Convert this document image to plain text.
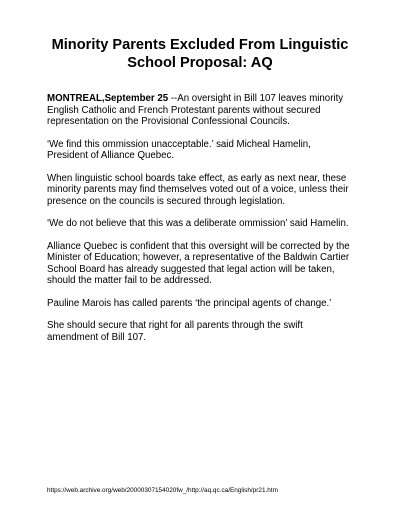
Minority Parents Excluded From Linguistic School Proposal: AQ

MONTREAL,September 25 --An oversight in Bill 107 leaves minority English Catholic and French Protestant parents without secured representation on the Provisional Confessional Councils.

‘We find this ommission unacceptable.’ said Micheal Hamelin, President of Alliance Quebec.

When linguistic school boards take effect, as early as next near, these minority parents may find themselves voted out of a voice, unless their presence on the councils is secured through legislation.

‘We do not believe that this was a deliberate ommission’ said Hamelin.

Alliance Quebec is confident that this oversight will be corrected by the Minister of Education; however, a representative of the Baldwin Cartier School Board has already suggested that legal action will be taken, should the matter fail to be addressed.

Pauline Marois has called parents ‘the principal agents of change.’

She should secure that right for all parents through the swift amendment of Bill 107.

https://web.archive.org/web/20000307154020fw_/http://aq.qc.ca/English/pr21.htm
